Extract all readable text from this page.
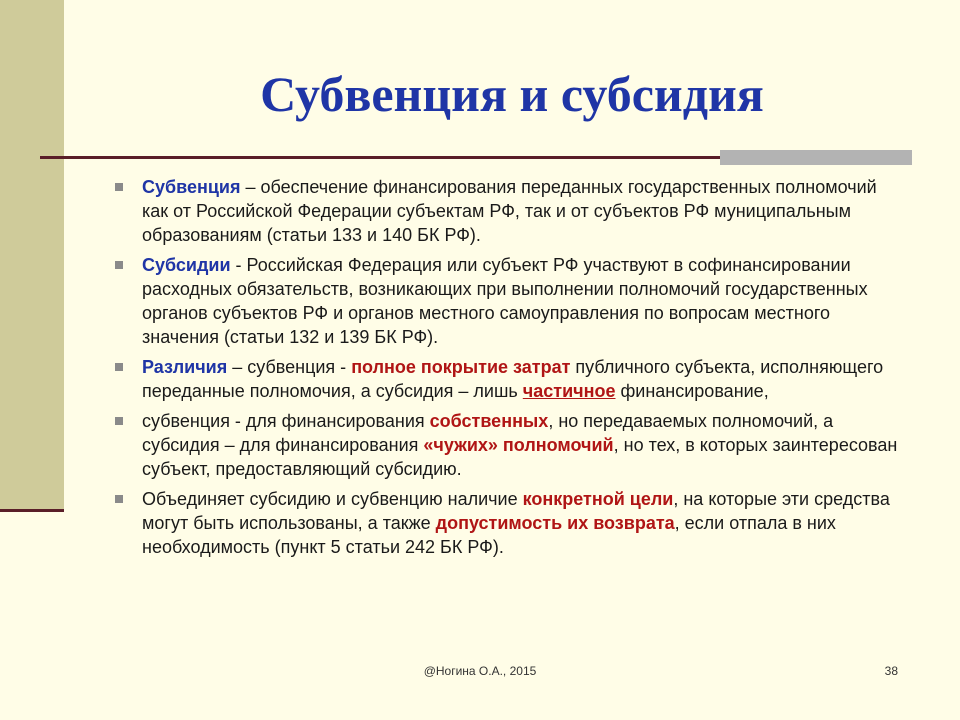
Субвенция и субсидия
Субвенция – обеспечение финансирования переданных государственных полномочий как от Российской Федерации субъектам РФ, так и от субъектов РФ муниципальным образованиям (статьи 133 и 140 БК РФ).
Субсидии - Российская Федерация или субъект РФ участвуют в софинансировании расходных обязательств, возникающих при выполнении полномочий государственных органов субъектов РФ и органов местного самоуправления по вопросам местного значения (статьи 132 и 139 БК РФ).
Различия – субвенция - полное покрытие затрат публичного субъекта, исполняющего переданные полномочия, а субсидия – лишь частичное финансирование,
субвенция - для финансирования собственных, но передаваемых полномочий, а субсидия – для финансирования «чужих» полномочий, но тех, в которых заинтересован субъект, предоставляющий субсидию.
Объединяет субсидию и субвенцию наличие конкретной цели, на которые эти средства могут быть использованы, а также допустимость их возврата, если отпала в них необходимость (пункт 5 статьи 242 БК РФ).
@Ногина О.А., 2015	38
